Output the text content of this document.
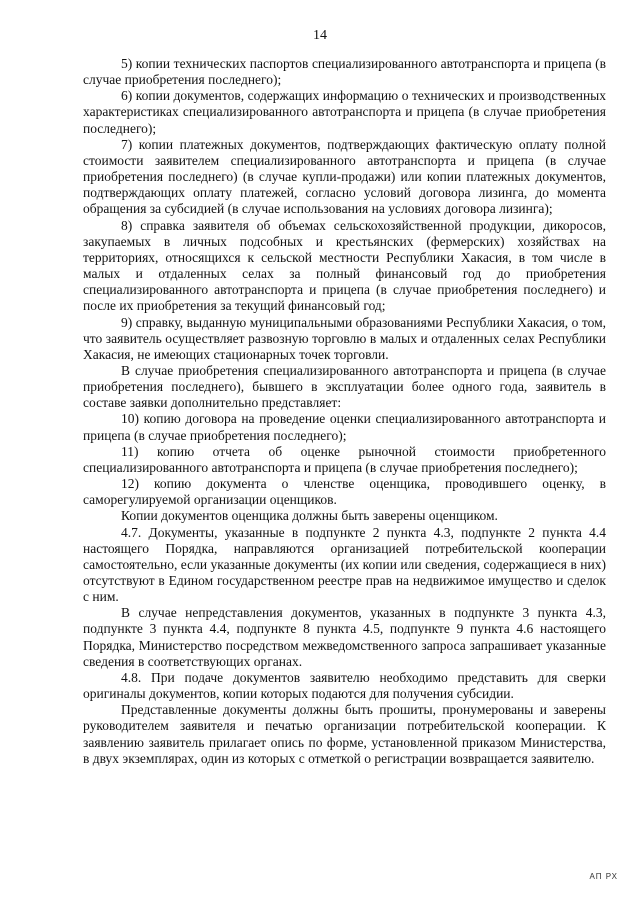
14

5) копии технических паспортов специализированного автотранспорта и прицепа (в случае приобретения последнего);

6) копии документов, содержащих информацию о технических и производственных характеристиках специализированного автотранспорта и прицепа (в случае приобретения последнего);

7) копии платежных документов, подтверждающих фактическую оплату полной стоимости заявителем специализированного автотранспорта и прицепа (в случае приобретения последнего) (в случае купли-продажи) или копии платежных документов, подтверждающих оплату платежей, согласно условий договора лизинга, до момента обращения за субсидией (в случае использования на условиях договора лизинга);

8) справка заявителя об объемах сельскохозяйственной продукции, дикоросов, закупаемых в личных подсобных и крестьянских (фермерских) хозяйствах на территориях, относящихся к сельской местности Республики Хакасия, в том числе в малых и отдаленных селах за полный финансовый год до приобретения специализированного автотранспорта и прицепа (в случае приобретения последнего) и после их приобретения за текущий финансовый год;

9) справку, выданную муниципальными образованиями Республики Хакасия, о том, что заявитель осуществляет развозную торговлю в малых и отдаленных селах Республики Хакасия, не имеющих стационарных точек торговли.

В случае приобретения специализированного автотранспорта и прицепа (в случае приобретения последнего), бывшего в эксплуатации более одного года, заявитель в составе заявки дополнительно представляет:

10) копию договора на проведение оценки специализированного автотранспорта и прицепа (в случае приобретения последнего);

11) копию отчета об оценке рыночной стоимости приобретенного специализированного автотранспорта и прицепа (в случае приобретения последнего);

12) копию документа о членстве оценщика, проводившего оценку, в саморегулируемой организации оценщиков.

Копии документов оценщика должны быть заверены оценщиком.

4.7. Документы, указанные в подпункте 2 пункта 4.3, подпункте 2 пункта 4.4 настоящего Порядка, направляются организацией потребительской кооперации самостоятельно, если указанные документы (их копии или сведения, содержащиеся в них) отсутствуют в Едином государственном реестре прав на недвижимое имущество и сделок с ним.

В случае непредставления документов, указанных в подпункте 3 пункта 4.3, подпункте 3 пункта 4.4, подпункте 8 пункта 4.5, подпункте 9 пункта 4.6 настоящего Порядка, Министерство посредством межведомственного запроса запрашивает указанные сведения в соответствующих органах.

4.8. При подаче документов заявителю необходимо представить для сверки оригиналы документов, копии которых подаются для получения субсидии.

Представленные документы должны быть прошиты, пронумерованы и заверены руководителем заявителя и печатью организации потребительской кооперации. К заявлению заявитель прилагает опись по форме, установленной приказом Министерства, в двух экземплярах, один из которых с отметкой о регистрации возвращается заявителю.

АП РХ
